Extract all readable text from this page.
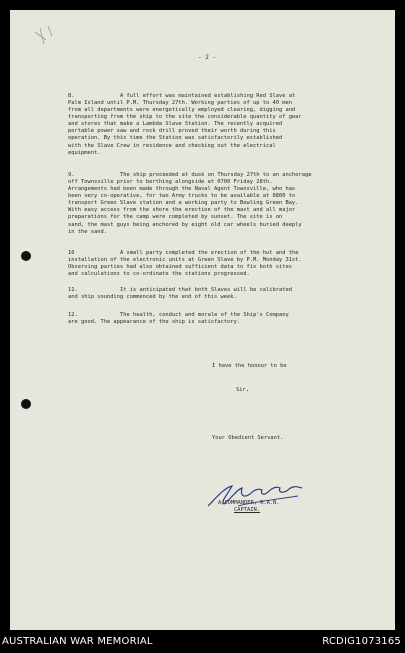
- 2 -
8.	A full effort was maintained establishing Red Slave at
Palm Island until P.M. Thursday 27th. Working parties of up to 40 men
from all departments were energetically employed clearing, digging and
transporting from the ship to the site the considerable quantity of gear
and stores that make a Lambda Slave Station. The recently acquired
portable power saw and rock drill proved their worth during this
operation. By this time the Station was satisfactorily established
with the Slave Crew in residence and checking out the electrical
equipment.
9.	The ship proceeded at dusk on Thursday 27th to an anchorage
off Townsville prior to berthing alongside at 0700 Friday 28th.
Arrangements had been made through the Naval Agent Townsville, who has
been very co-operative, for two Army trucks to be available at 0800 to
transport Green Slave station and a working party to Bowling Green Bay.
With easy access from the shore the erection of the mast and all major
preparations for the camp were completed by sunset. The site is on
sand, the mast guys being anchored by eight old car wheels buried deeply
in the sand.
10	A small party completed the erection of the hut and the
installation of the electronic units at Green Slave by P.M. Monday 31st.
Observing parties had also obtained sufficient data to fix both sites
and calculations to co-ordinate the stations progressed.
11.	It is anticipated that both Slaves will be calibrated
and ship sounding commenced by the end of this week.
12.	The health, conduct and morale of the Ship's Company
are good. The appearance of the ship is satisfactory.
I have the honour to be
Sir,
Your Obedient Servant.
A/COMMANDER, R.A.N.
CAPTAIN.
AUSTRALIAN WAR MEMORIAL	RCDIG1073165
